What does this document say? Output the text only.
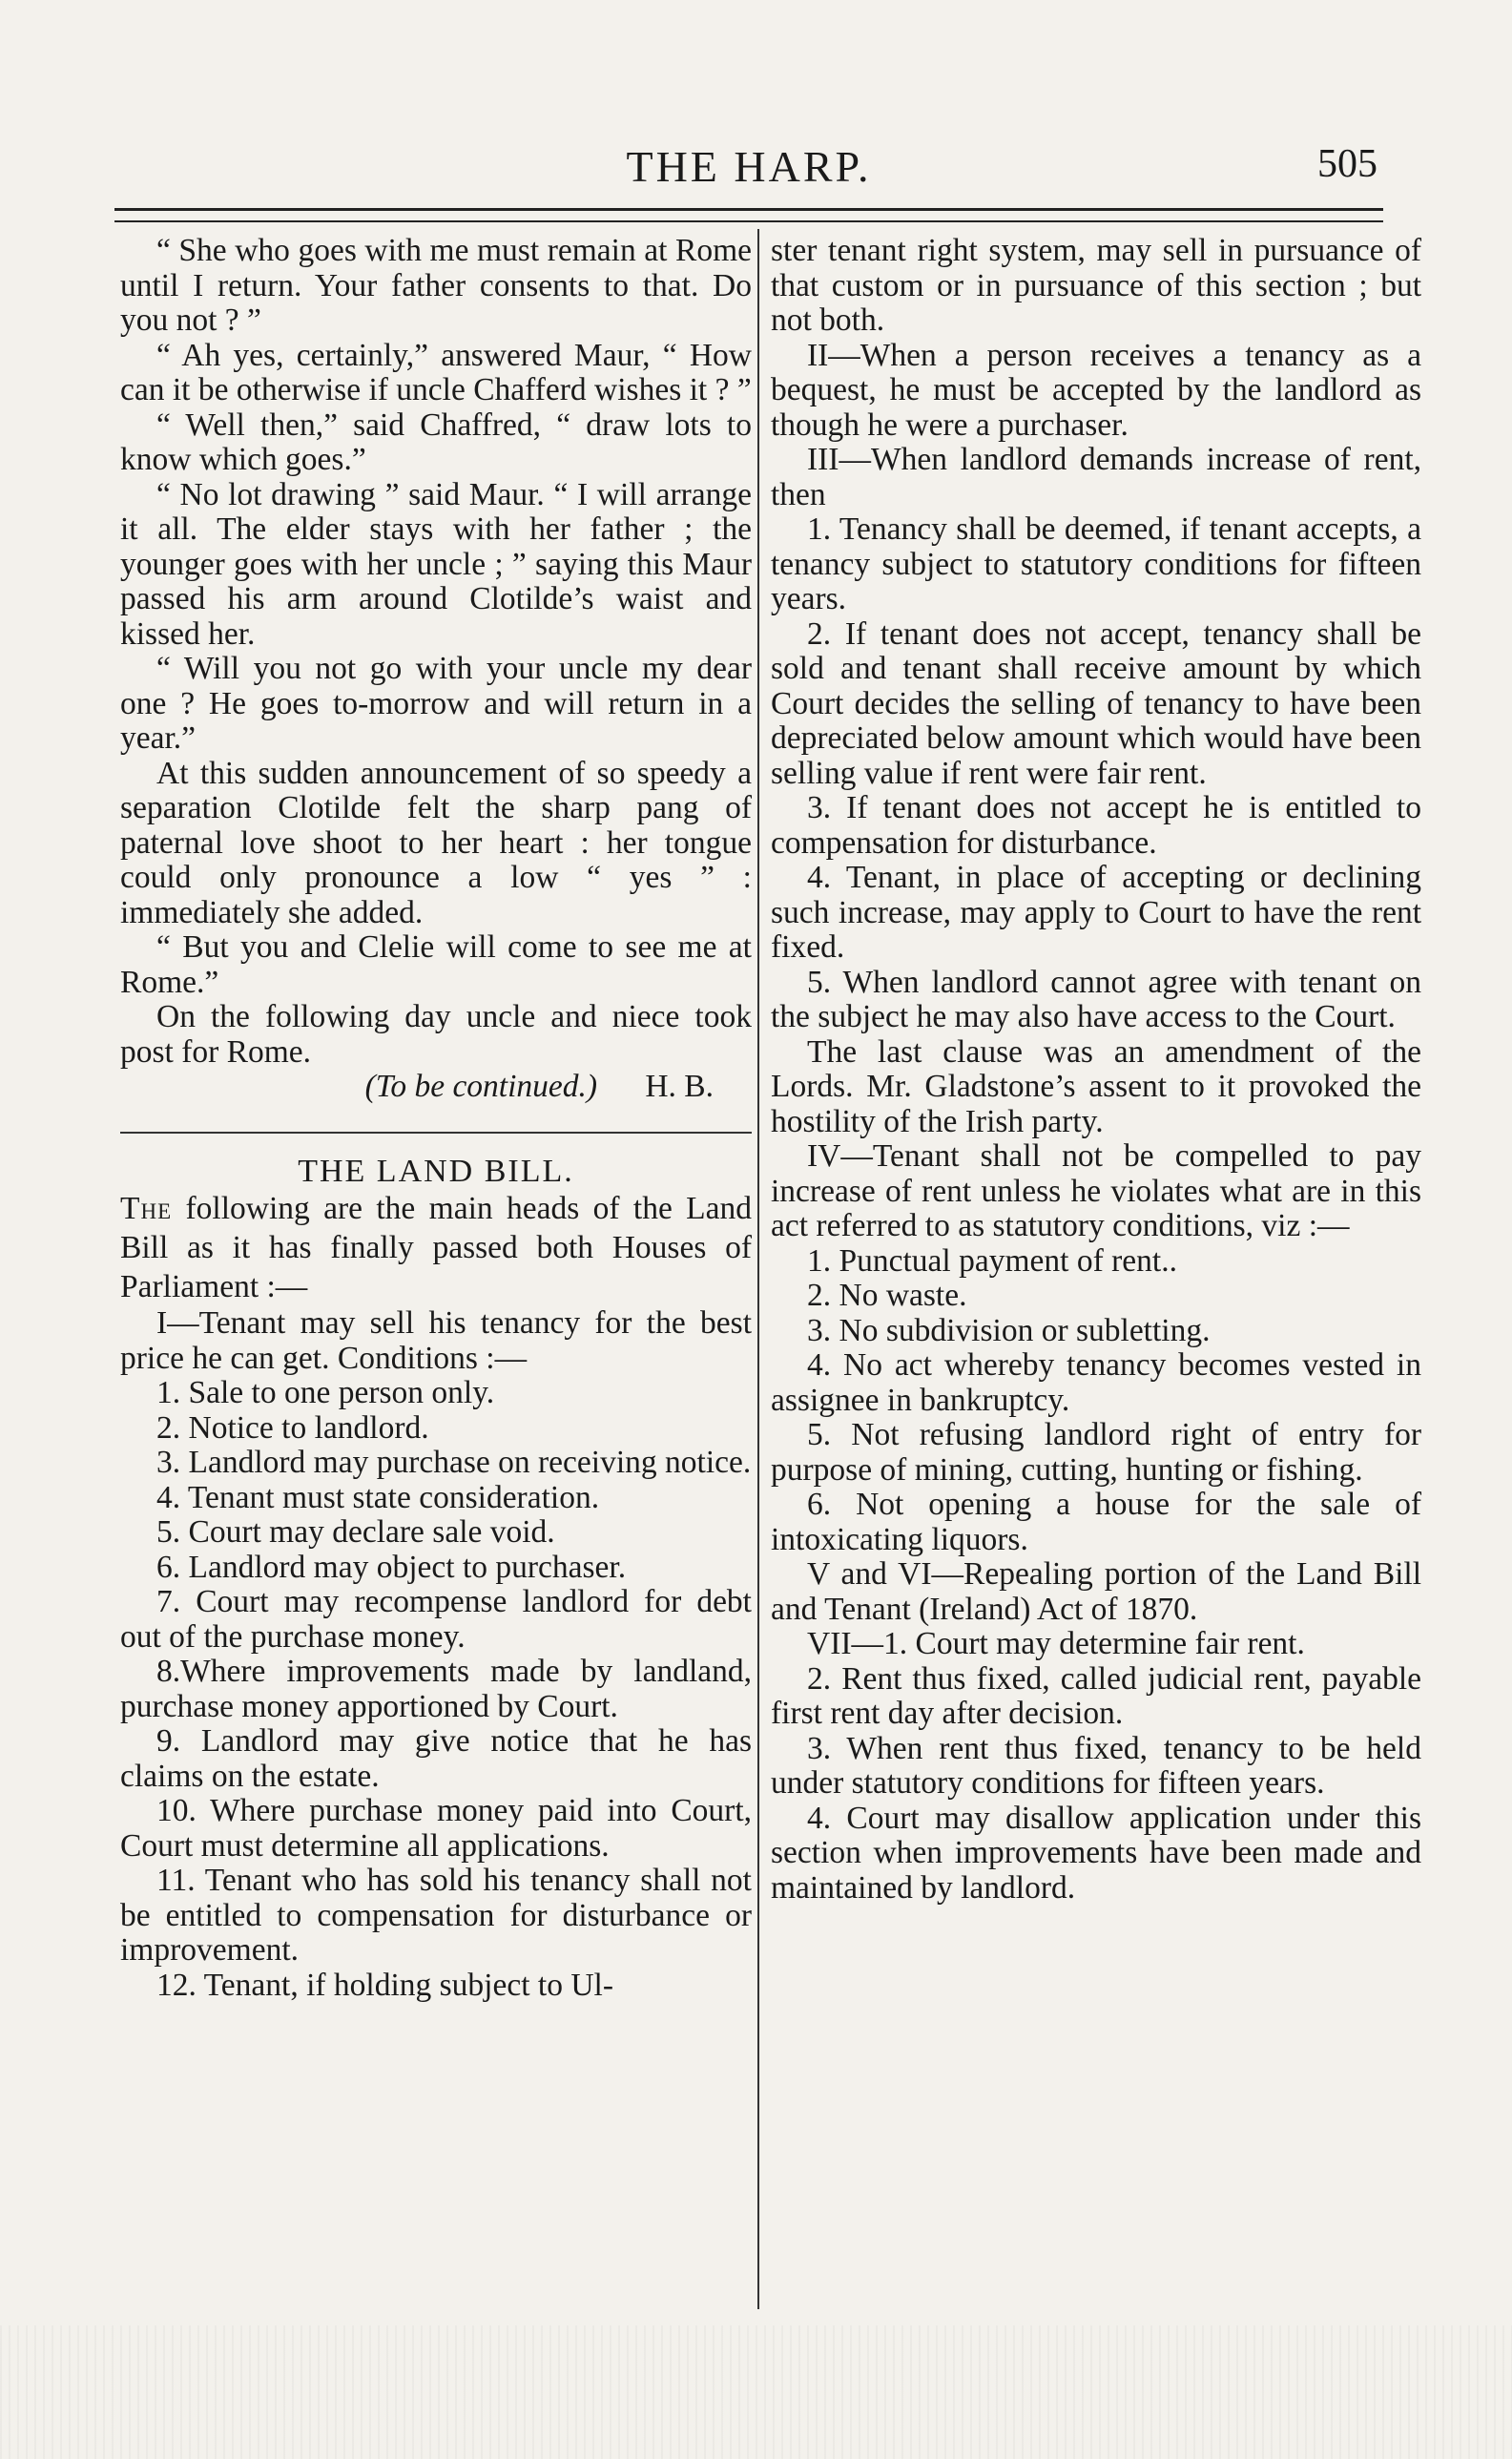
THE HARP.	505

“ She who goes with me must remain at Rome until I return. Your father consents to that. Do you not ? ”

“ Ah yes, certainly,” answered Maur, “ How can it be otherwise if uncle Chafferd wishes it ? ”

“ Well then,” said Chaffred, “ draw lots to know which goes.”

“ No lot drawing ” said Maur. “ I will arrange it all. The elder stays with her father ; the younger goes with her uncle ; ” saying this Maur passed his arm around Clotilde’s waist and kissed her.

“ Will you not go with your uncle my dear one ? He goes to-morrow and will return in a year.”

At this sudden announcement of so speedy a separation Clotilde felt the sharp pang of paternal love shoot to her heart : her tongue could only pronounce a low “ yes ” : immediately she added.

“ But you and Clelie will come to see me at Rome.”

On the following day uncle and niece took post for Rome.

(To be continued.) H. B.

THE LAND BILL.

The following are the main heads of the Land Bill as it has finally passed both Houses of Parliament :—

I—Tenant may sell his tenancy for the best price he can get. Conditions :—

1. Sale to one person only.

2. Notice to landlord.

3. Landlord may purchase on receiving notice.

4. Tenant must state consideration.

5. Court may declare sale void.

6. Landlord may object to purchaser.

7. Court may recompense landlord for debt out of the purchase money.

8.Where improvements made by landland, purchase money apportioned by Court.

9. Landlord may give notice that he has claims on the estate.

10. Where purchase money paid into Court, Court must determine all applications.

11. Tenant who has sold his tenancy shall not be entitled to compensation for disturbance or improvement.

12. Tenant, if holding subject to Ul-

ster tenant right system, may sell in pursuance of that custom or in pursuance of this section ; but not both.

II—When a person receives a tenancy as a bequest, he must be accepted by the landlord as though he were a purchaser.

III—When landlord demands increase of rent, then

1. Tenancy shall be deemed, if tenant accepts, a tenancy subject to statutory conditions for fifteen years.

2. If tenant does not accept, tenancy shall be sold and tenant shall receive amount by which Court decides the selling of tenancy to have been depreciated below amount which would have been selling value if rent were fair rent.

3. If tenant does not accept he is entitled to compensation for disturbance.

4. Tenant, in place of accepting or declining such increase, may apply to Court to have the rent fixed.

5. When landlord cannot agree with tenant on the subject he may also have access to the Court.

The last clause was an amendment of the Lords. Mr. Gladstone’s assent to it provoked the hostility of the Irish party.

IV—Tenant shall not be compelled to pay increase of rent unless he violates what are in this act referred to as statutory conditions, viz :—

1. Punctual payment of rent..

2. No waste.

3. No subdivision or subletting.

4. No act whereby tenancy becomes vested in assignee in bankruptcy.

5. Not refusing landlord right of entry for purpose of mining, cutting, hunting or fishing.

6. Not opening a house for the sale of intoxicating liquors.

V and VI—Repealing portion of the Land Bill and Tenant (Ireland) Act of 1870.

VII—1. Court may determine fair rent.

2. Rent thus fixed, called judicial rent, payable first rent day after decision.

3. When rent thus fixed, tenancy to be held under statutory conditions for fifteen years.

4. Court may disallow application under this section when improvements have been made and maintained by landlord.
